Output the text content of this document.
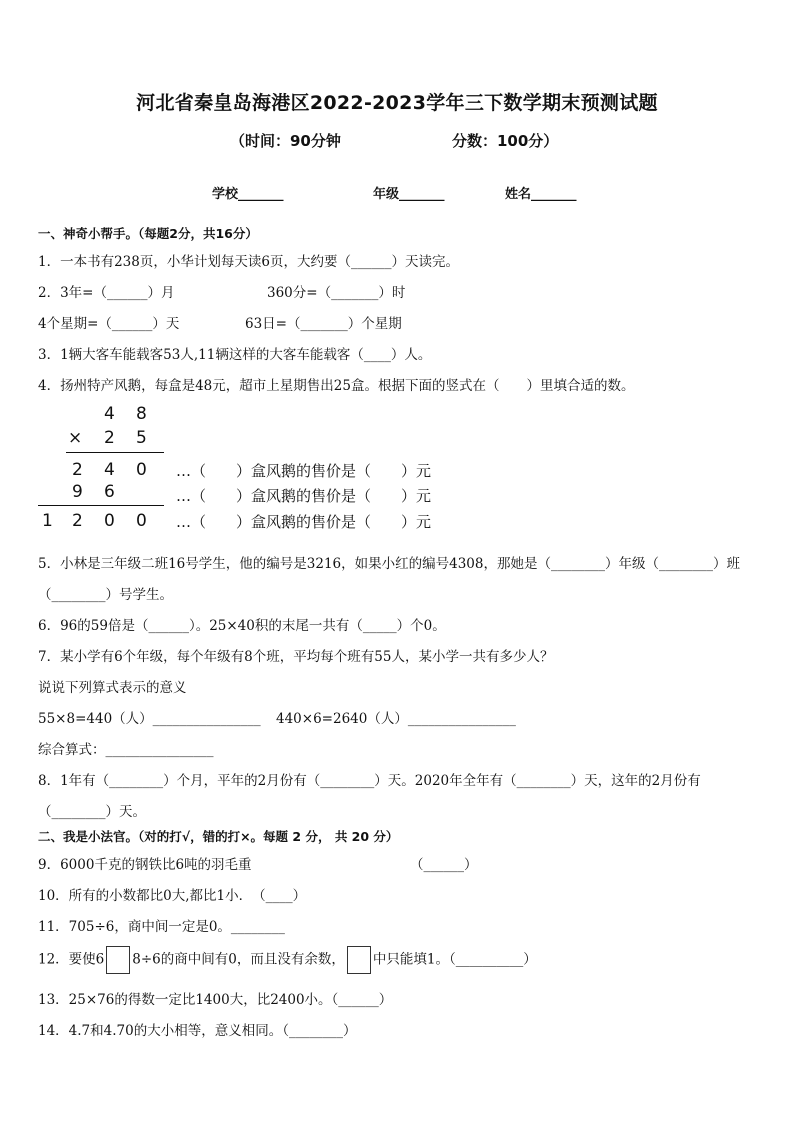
河北省秦皇岛海港区2022-2023学年三下数学期末预测试题
（时间：90分钟	分数：100分）
学校_______	年级_______	姓名_______
一、神奇小帮手。（每题2分，共16分）
1．一本书有238页，小华计划每天读6页，大约要（______）天读完。
2．3年=（______）月	360分=（_______）时
4个星期=（______）天	63日=（_______）个星期
3．1辆大客车能载客53人,11辆这样的大客车能载客（____）人。
4．扬州特产风鹅，每盒是48元，超市上星期售出25盒。根据下面的竖式在（　　）里填合适的数。
4 8
× 2 5
2 4 0 …（　　）盒风鹅的售价是（　　）元
9 6	…（　　）盒风鹅的售价是（　　）元
1 2 0 0 …（　　）盒风鹅的售价是（　　）元
5．小林是三年级二班16号学生，他的编号是3216，如果小红的编号4308，那她是（________）年级（________）班
（________）号学生。
6．96的59倍是（______）。25×40积的末尾一共有（_____）个0。
7．某小学有6个年级，每个年级有8个班，平均每个班有55人，某小学一共有多少人？
说说下列算式表示的意义
55×8=440（人）________________ 440×6=2640（人）________________
综合算式：________________
8．1年有（________）个月，平年的2月份有（________）天。2020年全年有（________）天，这年的2月份有
（________）天。
二、我是小法官。（对的打√，错的打×。每题 2 分， 共 20 分）
9．6000千克的钢铁比6吨的羽毛重	（______）
10．所有的小数都比0大,都比1小．　（____）
11．705÷6，商中间一定是0。________
12．要使6 8÷6的商中间有0，而且没有余数， 中只能填1。（__________）
13．25×76的得数一定比1400大，比2400小。（______）
14．4.7和4.70的大小相等，意义相同。（________）
